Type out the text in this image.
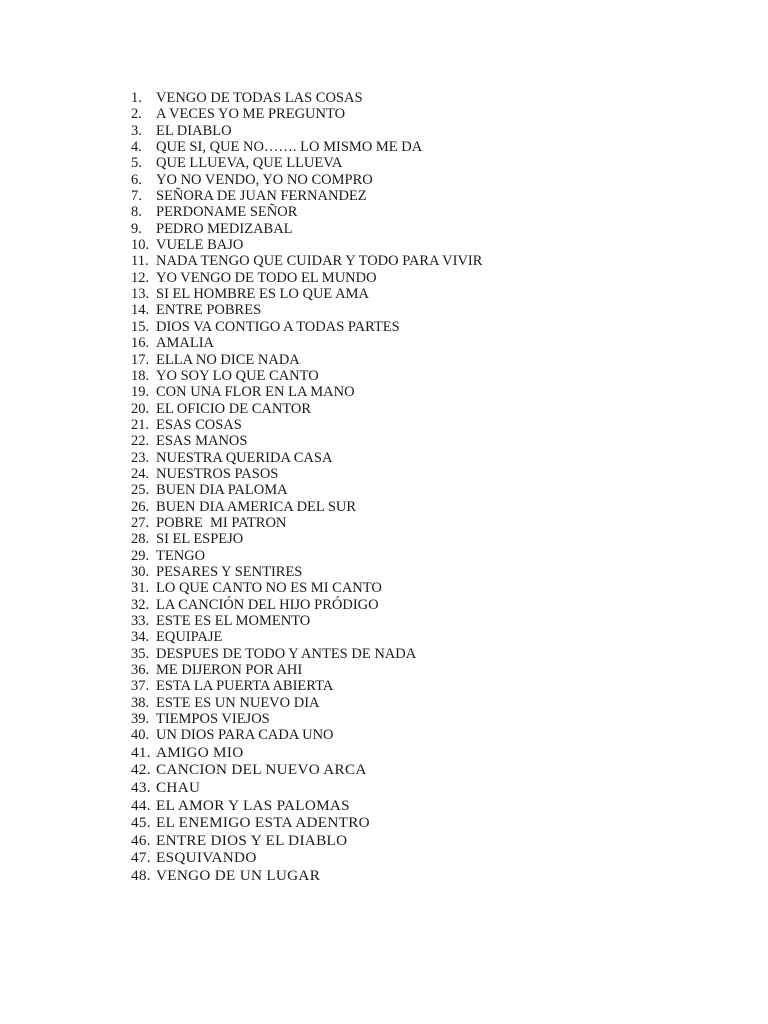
1. VENGO DE TODAS LAS COSAS
2. A VECES YO ME PREGUNTO
3. EL DIABLO
4. QUE SI, QUE NO……. LO MISMO ME DA
5. QUE LLUEVA, QUE LLUEVA
6. YO NO VENDO, YO NO COMPRO
7. SEÑORA DE JUAN FERNANDEZ
8. PERDONAME SEÑOR
9. PEDRO MEDIZABAL
10. VUELE BAJO
11. NADA TENGO QUE CUIDAR Y TODO PARA VIVIR
12. YO VENGO DE TODO EL MUNDO
13. SI EL HOMBRE ES LO QUE AMA
14. ENTRE POBRES
15. DIOS VA CONTIGO A TODAS PARTES
16. AMALIA
17. ELLA NO DICE NADA
18. YO SOY LO QUE CANTO
19. CON UNA FLOR EN LA MANO
20. EL OFICIO DE CANTOR
21. ESAS COSAS
22. ESAS MANOS
23. NUESTRA QUERIDA CASA
24. NUESTROS PASOS
25. BUEN DIA PALOMA
26. BUEN DIA AMERICA DEL SUR
27. POBRE  MI PATRON
28. SI EL ESPEJO
29. TENGO
30. PESARES Y SENTIRES
31. LO QUE CANTO NO ES MI CANTO
32. LA CANCIÓN DEL HIJO PRÓDIGO
33. ESTE ES EL MOMENTO
34. EQUIPAJE
35. DESPUES DE TODO Y ANTES DE NADA
36. ME DIJERON POR AHI
37. ESTA LA PUERTA ABIERTA
38. ESTE ES UN NUEVO DIA
39. TIEMPOS VIEJOS
40. UN DIOS PARA CADA UNO
41. AMIGO MIO
42. CANCION DEL NUEVO ARCA
43. CHAU
44. EL AMOR Y LAS PALOMAS
45. EL ENEMIGO ESTA ADENTRO
46. ENTRE DIOS Y EL DIABLO
47. ESQUIVANDO
48. VENGO DE UN LUGAR
